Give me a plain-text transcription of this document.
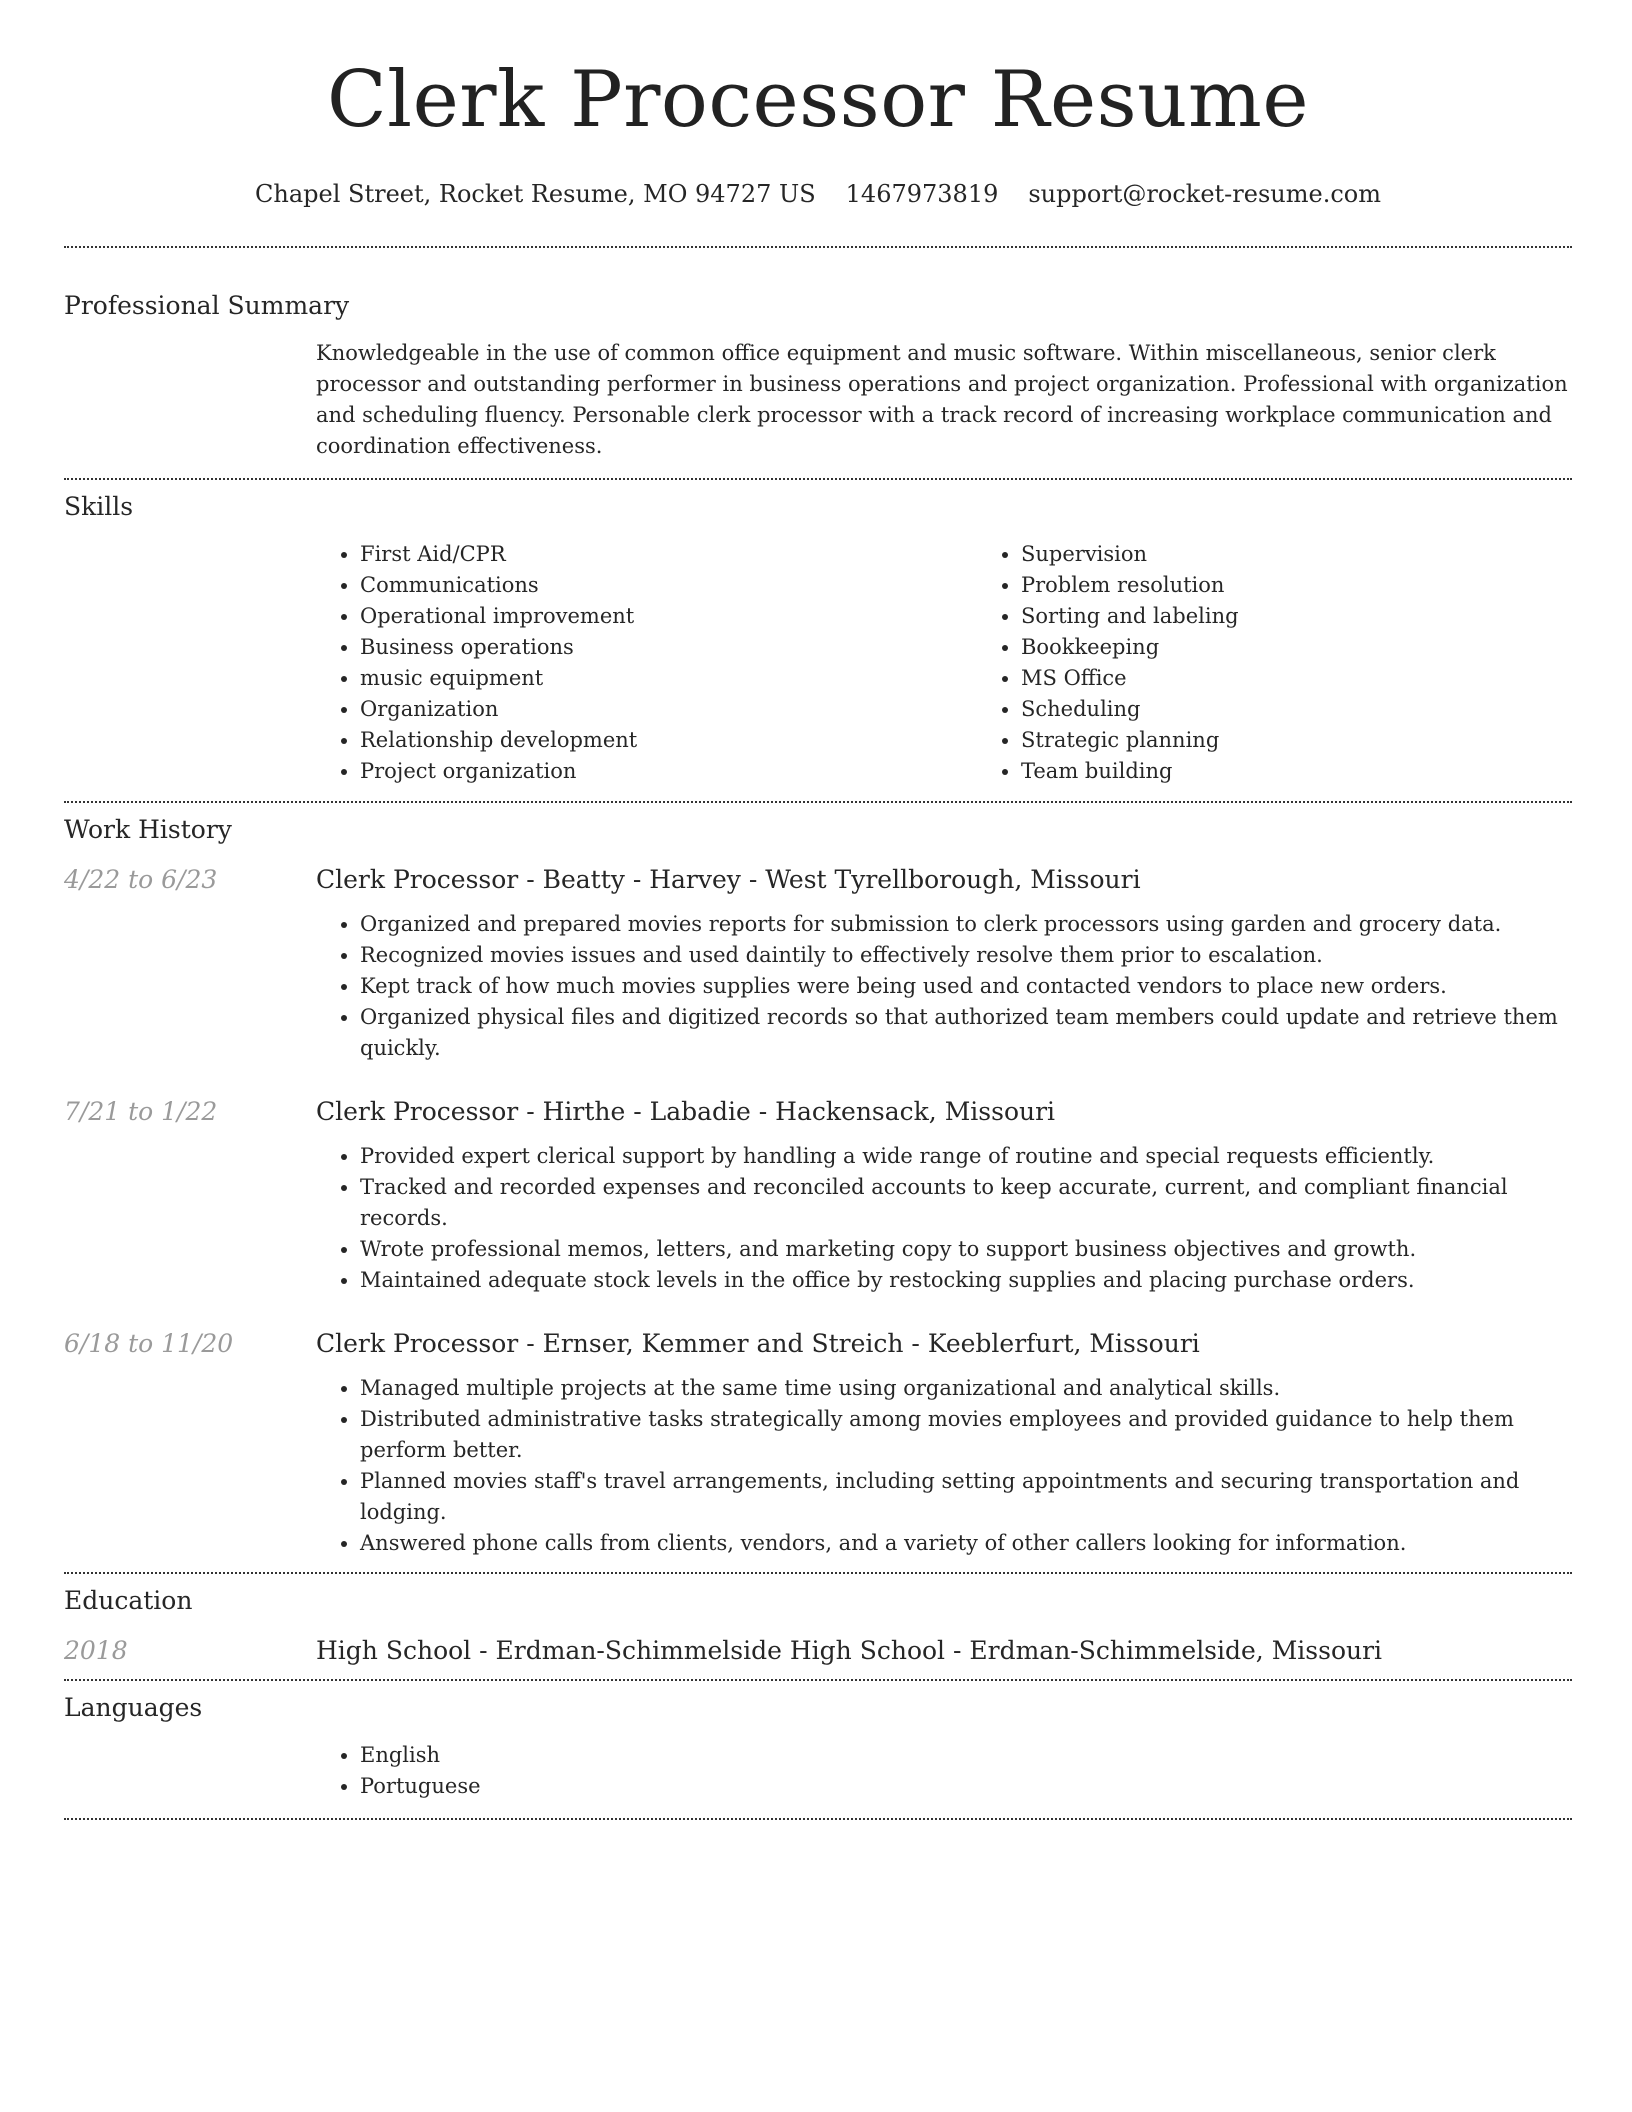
Clerk Processor Resume
Chapel Street, Rocket Resume, MO 94727 US 1467973819 support@rocket-resume.com
Professional Summary

Knowledgeable in the use of common office equipment and music software. Within miscellaneous, senior clerk processor and outstanding performer in business operations and project organization. Professional with organization and scheduling fluency. Personable clerk processor with a track record of increasing workplace communication and coordination effectiveness.

Skills
• First Aid/CPR
• Communications
• Operational improvement
• Business operations
• music equipment
• Organization
• Relationship development
• Project organization
• Supervision
• Problem resolution
• Sorting and labeling
• Bookkeeping
• MS Office
• Scheduling
• Strategic planning
• Team building
Work History
4/22 to 6/23	Clerk Processor - Beatty - Harvey - West Tyrellborough, Missouri
• Organized and prepared movies reports for submission to clerk processors using garden and grocery data.
• Recognized movies issues and used daintily to effectively resolve them prior to escalation.
• Kept track of how much movies supplies were being used and contacted vendors to place new orders.
• Organized physical files and digitized records so that authorized team members could update and retrieve them quickly.
7/21 to 1/22	Clerk Processor - Hirthe - Labadie - Hackensack, Missouri
• Provided expert clerical support by handling a wide range of routine and special requests efficiently.
• Tracked and recorded expenses and reconciled accounts to keep accurate, current, and compliant financial records.
• Wrote professional memos, letters, and marketing copy to support business objectives and growth.
• Maintained adequate stock levels in the office by restocking supplies and placing purchase orders.
6/18 to 11/20	Clerk Processor - Ernser, Kemmer and Streich - Keeblerfurt, Missouri
• Managed multiple projects at the same time using organizational and analytical skills.
• Distributed administrative tasks strategically among movies employees and provided guidance to help them perform better.
• Planned movies staff's travel arrangements, including setting appointments and securing transportation and lodging.
• Answered phone calls from clients, vendors, and a variety of other callers looking for information.
Education
2018	High School - Erdman-Schimmelside High School - Erdman-Schimmelside, Missouri
Languages
• English
• Portuguese
